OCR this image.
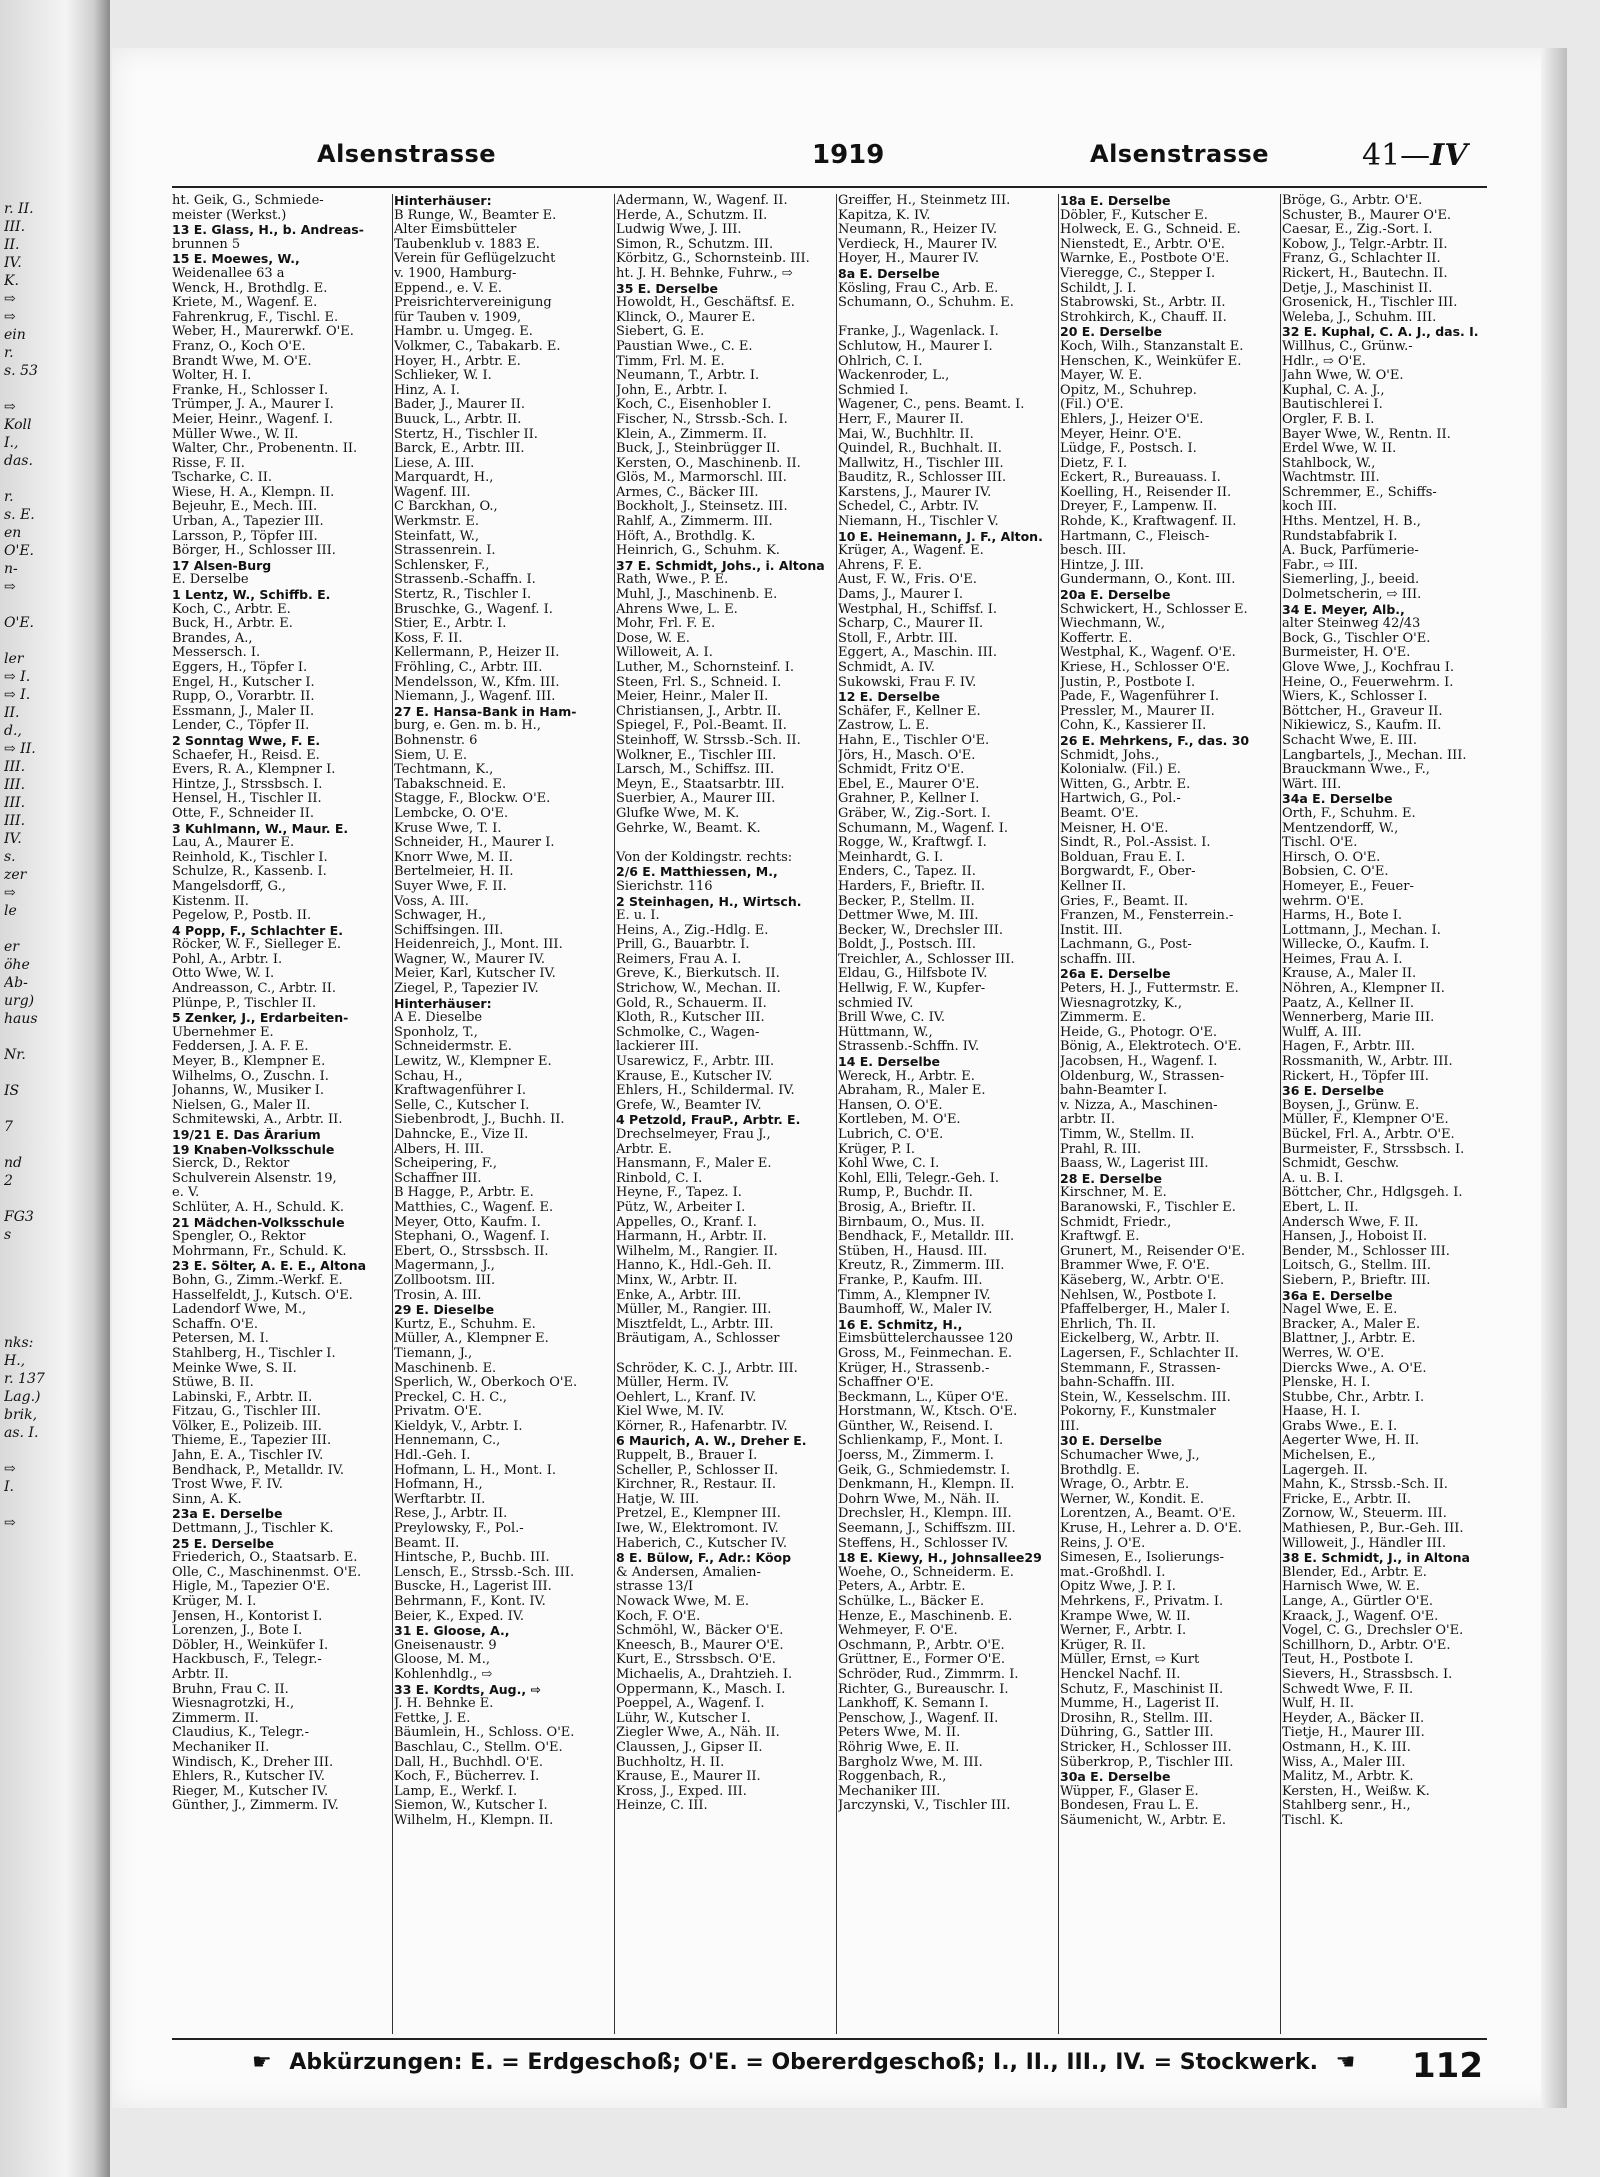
r. II.
III.
II.
IV.
K.
⇨
⇨
ein
r.
s. 53
⇨
Koll
I.,
das.
r.
s. E.
en
O'E.
n-
⇨
O'E.
ler
⇨ I.
⇨ I.
II.
d.,
⇨ II.
III.
III.
III.
III.
IV.
s.
zer
⇨
le
er
öhe
Ab-
urg)
haus
Nr.
IS
7
nd
2
FG3
s
nks:
H.,
r. 137
Lag.)
brik,
as. I.
⇨
I.
⇨
Alsenstrasse	1919	Alsenstrasse	41—IV
ht. Geik, G., Schmiede-
meister (Werkst.)
13 E. Glass, H., b. Andreas-
brunnen 5
15 E. Moewes, W.,
Weidenallee 63 a
Wenck, H., Brothdlg. E.
Kriete, M., Wagenf. E.
Fahrenkrug, F., Tischl. E.
Weber, H., Maurerwkf. O'E.
Franz, O., Koch O'E.
Brandt Wwe, M. O'E.
Wolter, H. I.
Franke, H., Schlosser I.
Trümper, J. A., Maurer I.
Meier, Heinr., Wagenf. I.
Müller Wwe., W. II.
Walter, Chr., Probenentn. II.
Risse, F. II.
Tscharke, C. II.
Wiese, H. A., Klempn. II.
Bejeuhr, E., Mech. III.
Urban, A., Tapezier III.
Larsson, P., Töpfer III.
Börger, H., Schlosser III.
17 Alsen-Burg
E. Derselbe
1 Lentz, W., Schiffb. E.
Koch, C., Arbtr. E.
Buck, H., Arbtr. E.
Brandes, A.,
Messersch. I.
Eggers, H., Töpfer I.
Engel, H., Kutscher I.
Rupp, O., Vorarbtr. II.
Essmann, J., Maler II.
Lender, C., Töpfer II.
2 Sonntag Wwe, F. E.
Schaefer, H., Reisd. E.
Evers, R. A., Klempner I.
Hintze, J., Strssbsch. I.
Hensel, H., Tischler II.
Otte, F., Schneider II.
3 Kuhlmann, W., Maur. E.
Lau, A., Maurer E.
Reinhold, K., Tischler I.
Schulze, R., Kassenb. I.
Mangelsdorff, G.,
Kistenm. II.
Pegelow, P., Postb. II.
4 Popp, F., Schlachter E.
Röcker, W. F., Sielleger E.
Pohl, A., Arbtr. I.
Otto Wwe, W. I.
Andreasson, C., Arbtr. II.
Plünpe, P., Tischler II.
5 Zenker, J., Erdarbeiten-
Übernehmer E.
Feddersen, J. A. F. E.
Meyer, B., Klempner E.
Wilhelms, O., Zuschn. I.
Johanns, W., Musiker I.
Nielsen, G., Maler II.
Schmitewski, A., Arbtr. II.
19/21 E. Das Ärarium
19 Knaben-Volksschule
Sierck, D., Rektor
Schulverein Alsenstr. 19,
e. V.
Schlüter, A. H., Schuld. K.
21 Mädchen-Volksschule
Spengler, O., Rektor
Mohrmann, Fr., Schuld. K.
23 E. Sölter, A. E. E., Altona
Bohn, G., Zimm.-Werkf. E.
Hasselfeldt, J., Kutsch. O'E.
Ladendorf Wwe, M.,
Schaffn. O'E.
Petersen, M. I.
Stahlberg, H., Tischler I.
Meinke Wwe, S. II.
Stüwe, B. II.
Labinski, F., Arbtr. II.
Fitzau, G., Tischler III.
Völker, E., Polizeib. III.
Thieme, E., Tapezier III.
Jahn, E. A., Tischler IV.
Bendhack, P., Metalldr. IV.
Trost Wwe, F. IV.
Sinn, A. K.
23a E. Derselbe
Dettmann, J., Tischler K.
25 E. Derselbe
Friederich, O., Staatsarb. E.
Olle, C., Maschinenmst. O'E.
Higle, M., Tapezier O'E.
Krüger, M. I.
Jensen, H., Kontorist I.
Lorenzen, J., Bote I.
Döbler, H., Weinküfer I.
Hackbusch, F., Telegr.-
Arbtr. II.
Bruhn, Frau C. II.
Wiesnagrotzki, H.,
Zimmerm. II.
Claudius, K., Telegr.-
Mechaniker II.
Windisch, K., Dreher III.
Ehlers, R., Kutscher IV.
Rieger, M., Kutscher IV.
Günther, J., Zimmerm. IV.
Hinterhäuser:
B Runge, W., Beamter E.
Alter Eimsbütteler
Taubenklub v. 1883 E.
Verein für Geflügelzucht
v. 1900, Hamburg-
Eppend., e. V. E.
Preisrichtervereinigung
für Tauben v. 1909,
Hambr. u. Umgeg. E.
Volkmer, C., Tabakarb. E.
Hoyer, H., Arbtr. E.
Schlieker, W. I.
Hinz, A. I.
Bader, J., Maurer II.
Buuck, L., Arbtr. II.
Stertz, H., Tischler II.
Barck, E., Arbtr. III.
Liese, A. III.
Marquardt, H.,
Wagenf. III.
C Barckhan, O.,
Werkmstr. E.
Steinfatt, W.,
Strassenrein. I.
Schlensker, F.,
Strassenb.-Schaffn. I.
Stertz, R., Tischler I.
Bruschke, G., Wagenf. I.
Stier, E., Arbtr. I.
Koss, F. II.
Kellermann, P., Heizer II.
Fröhling, C., Arbtr. III.
Mendelsson, W., Kfm. III.
Niemann, J., Wagenf. III.
27 E. Hansa-Bank in Ham-
burg, e. Gen. m. b. H.,
Bohnenstr. 6
Siem, U. E.
Techtmann, K.,
Tabakschneid. E.
Stagge, F., Blockw. O'E.
Lembcke, O. O'E.
Kruse Wwe, T. I.
Schneider, H., Maurer I.
Knorr Wwe, M. II.
Bertelmeier, H. II.
Suyer Wwe, F. II.
Voss, A. III.
Schwager, H.,
Schiffsingen. III.
Heidenreich, J., Mont. III.
Wagner, W., Maurer IV.
Meier, Karl, Kutscher IV.
Ziegel, P., Tapezier IV.
Hinterhäuser:
A E. Dieselbe
Sponholz, T.,
Schneidermstr. E.
Lewitz, W., Klempner E.
Schau, H.,
Kraftwagenführer I.
Selle, C., Kutscher I.
Siebenbrodt, J., Buchh. II.
Dahncke, E., Vize II.
Albers, H. III.
Scheipering, F.,
Schaffner III.
B Hagge, P., Arbtr. E.
Matthies, C., Wagenf. E.
Meyer, Otto, Kaufm. I.
Stephani, O., Wagenf. I.
Ebert, O., Strssbsch. II.
Magermann, J.,
Zollbootsm. III.
Trosin, A. III.
29 E. Dieselbe
Kurtz, E., Schuhm. E.
Müller, A., Klempner E.
Tiemann, J.,
Maschinenb. E.
Sperlich, W., Oberkoch O'E.
Preckel, C. H. C.,
Privatm. O'E.
Kieldyk, V., Arbtr. I.
Hennemann, C.,
Hdl.-Geh. I.
Hofmann, L. H., Mont. I.
Hofmann, H.,
Werftarbtr. II.
Rese, J., Arbtr. II.
Preylowsky, F., Pol.-
Beamt. II.
Hintsche, P., Buchb. III.
Lensch, E., Strssb.-Sch. III.
Buscke, H., Lagerist III.
Behrmann, F., Kont. IV.
Beier, K., Exped. IV.
31 E. Gloose, A.,
Gneisenaustr. 9
Gloose, M. M.,
Kohlenhdlg., ⇨
33 E. Kordts, Aug., ⇨
J. H. Behnke E.
Fettke, J. E.
Bäumlein, H., Schloss. O'E.
Baschlau, C., Stellm. O'E.
Dall, H., Buchhdl. O'E.
Koch, F., Bücherrev. I.
Lamp, E., Werkf. I.
Siemon, W., Kutscher I.
Wilhelm, H., Klempn. II.
Adermann, W., Wagenf. II.
Herde, A., Schutzm. II.
Ludwig Wwe, J. III.
Simon, R., Schutzm. III.
Körbitz, G., Schornsteinb. III.
ht. J. H. Behnke, Fuhrw., ⇨
35 E. Derselbe
Howoldt, H., Geschäftsf. E.
Klinck, O., Maurer E.
Siebert, G. E.
Paustian Wwe., C. E.
Timm, Frl. M. E.
Neumann, T., Arbtr. I.
John, E., Arbtr. I.
Koch, C., Eisenhobler I.
Fischer, N., Strssb.-Sch. I.
Klein, A., Zimmerm. II.
Buck, J., Steinbrügger II.
Kersten, O., Maschinenb. II.
Glös, M., Marmorschl. III.
Armes, C., Bäcker III.
Bockholt, J., Steinsetz. III.
Rahlf, A., Zimmerm. III.
Höft, A., Brothdlg. K.
Heinrich, G., Schuhm. K.
37 E. Schmidt, Johs., i. Altona
Rath, Wwe., P. E.
Muhl, J., Maschinenb. E.
Ahrens Wwe, L. E.
Mohr, Frl. F. E.
Dose, W. E.
Willoweit, A. I.
Luther, M., Schornsteinf. I.
Steen, Frl. S., Schneid. I.
Meier, Heinr., Maler II.
Christiansen, J., Arbtr. II.
Spiegel, F., Pol.-Beamt. II.
Steinhoff, W. Strssb.-Sch. II.
Wolkner, E., Tischler III.
Larsch, M., Schiffsz. III.
Meyn, E., Staatsarbtr. III.
Suerbier, A., Maurer III.
Glufke Wwe, M. K.
Gehrke, W., Beamt. K.
Von der Koldingstr. rechts:
2/6 E. Matthiessen, M.,
Sierichstr. 116
2 Steinhagen, H., Wirtsch.
E. u. I.
Heins, A., Zig.-Hdlg. E.
Prill, G., Bauarbtr. I.
Reimers, Frau A. I.
Greve, K., Bierkutsch. II.
Strichow, W., Mechan. II.
Gold, R., Schauerm. II.
Kloth, R., Kutscher III.
Schmolke, C., Wagen-
lackierer III.
Usarewicz, F., Arbtr. III.
Krause, E., Kutscher IV.
Ehlers, H., Schildermal. IV.
Grefe, W., Beamter IV.
4 Petzold, FrauP., Arbtr. E.
Drechselmeyer, Frau J.,
Arbtr. E.
Hansmann, F., Maler E.
Rinbold, C. I.
Heyne, F., Tapez. I.
Pütz, W., Arbeiter I.
Appelles, O., Kranf. I.
Harmann, H., Arbtr. II.
Wilhelm, M., Rangier. II.
Hanno, K., Hdl.-Geh. II.
Minx, W., Arbtr. II.
Enke, A., Arbtr. III.
Müller, M., Rangier. III.
Misztfeldt, L., Arbtr. III.
Bräutigam, A., Schlosser
Schröder, K. C. J., Arbtr. III.
Müller, Herm. IV.
Oehlert, L., Kranf. IV.
Kiel Wwe, M. IV.
Körner, R., Hafenarbtr. IV.
6 Maurich, A. W., Dreher E.
Ruppelt, B., Brauer I.
Scheller, P., Schlosser II.
Kirchner, R., Restaur. II.
Hatje, W. III.
Pretzel, E., Klempner III.
Iwe, W., Elektromont. IV.
Haberich, C., Kutscher IV.
8 E. Bülow, F., Adr.: Köop
& Andersen, Amalien-
strasse 13/I
Nowack Wwe, M. E.
Koch, F. O'E.
Schmöhl, W., Bäcker O'E.
Kneesch, B., Maurer O'E.
Kurt, E., Strssbsch. O'E.
Michaelis, A., Drahtzieh. I.
Oppermann, K., Masch. I.
Poeppel, A., Wagenf. I.
Lühr, W., Kutscher I.
Ziegler Wwe, A., Näh. II.
Claussen, J., Gipser II.
Buchholtz, H. II.
Krause, E., Maurer II.
Kross, J., Exped. III.
Heinze, C. III.
Greiffer, H., Steinmetz III.
Kapitza, K. IV.
Neumann, R., Heizer IV.
Verdieck, H., Maurer IV.
Hoyer, H., Maurer IV.
8a E. Derselbe
Kösling, Frau C., Arb. E.
Schumann, O., Schuhm. E.
Franke, J., Wagenlack. I.
Schlutow, H., Maurer I.
Ohlrich, C. I.
Wackenroder, L.,
Schmied I.
Wagener, C., pens. Beamt. I.
Herr, F., Maurer II.
Mai, W., Buchhltr. II.
Quindel, R., Buchhalt. II.
Mallwitz, H., Tischler III.
Bauditz, R., Schlosser III.
Karstens, J., Maurer IV.
Schedel, C., Arbtr. IV.
Niemann, H., Tischler V.
10 E. Heinemann, J. F., Alton.
Krüger, A., Wagenf. E.
Ahrens, F. E.
Aust, F. W., Fris. O'E.
Dams, J., Maurer I.
Westphal, H., Schiffsf. I.
Scharp, C., Maurer II.
Stoll, F., Arbtr. III.
Eggert, A., Maschin. III.
Schmidt, A. IV.
Sukowski, Frau F. IV.
12 E. Derselbe
Schäfer, F., Kellner E.
Zastrow, L. E.
Hahn, E., Tischler O'E.
Jörs, H., Masch. O'E.
Schmidt, Fritz O'E.
Ebel, E., Maurer O'E.
Grahner, P., Kellner I.
Gräber, W., Zig.-Sort. I.
Schumann, M., Wagenf. I.
Rogge, W., Kraftwgf. I.
Meinhardt, G. I.
Enders, C., Tapez. II.
Harders, F., Brieftr. II.
Becker, P., Stellm. II.
Dettmer Wwe, M. III.
Becker, W., Drechsler III.
Boldt, J., Postsch. III.
Treichler, A., Schlosser III.
Eldau, G., Hilfsbote IV.
Hellwig, F. W., Kupfer-
schmied IV.
Brill Wwe, C. IV.
Hüttmann, W.,
Strassenb.-Schffn. IV.
14 E. Derselbe
Wereck, H., Arbtr. E.
Abraham, R., Maler E.
Hansen, O. O'E.
Kortleben, M. O'E.
Lubrich, C. O'E.
Krüger, P. I.
Kohl Wwe, C. I.
Kohl, Elli, Telegr.-Geh. I.
Rump, P., Buchdr. II.
Brosig, A., Brieftr. II.
Birnbaum, O., Mus. II.
Bendhack, F., Metalldr. III.
Stüben, H., Hausd. III.
Kreutz, R., Zimmerm. III.
Franke, P., Kaufm. III.
Timm, A., Klempner IV.
Baumhoff, W., Maler IV.
16 E. Schmitz, H.,
Eimsbüttelerchaussee 120
Gross, M., Feinmechan. E.
Krüger, H., Strassenb.-
Schaffner O'E.
Beckmann, L., Küper O'E.
Horstmann, W., Ktsch. O'E.
Günther, W., Reisend. I.
Schlienkamp, F., Mont. I.
Joerss, M., Zimmerm. I.
Geik, G., Schmiedemstr. I.
Denkmann, H., Klempn. II.
Dohrn Wwe, M., Näh. II.
Drechsler, H., Klempn. III.
Seemann, J., Schiffszm. III.
Steffens, H., Schlosser IV.
18 E. Kiewy, H., Johnsallee29
Woehe, O., Schneiderm. E.
Peters, A., Arbtr. E.
Schülke, L., Bäcker E.
Henze, E., Maschinenb. E.
Wehmeyer, F. O'E.
Oschmann, P., Arbtr. O'E.
Grüttner, E., Former O'E.
Schröder, Rud., Zimmrm. I.
Richter, G., Bureauschr. I.
Lankhoff, K. Semann I.
Penschow, J., Wagenf. II.
Peters Wwe, M. II.
Röhrig Wwe, E. II.
Bargholz Wwe, M. III.
Roggenbach, R.,
Mechaniker III.
Jarczynski, V., Tischler III.
18a E. Derselbe
Döbler, F., Kutscher E.
Holweck, E. G., Schneid. E.
Nienstedt, E., Arbtr. O'E.
Warnke, E., Postbote O'E.
Vieregge, C., Stepper I.
Schildt, J. I.
Stabrowski, St., Arbtr. II.
Strohkirch, K., Chauff. II.
20 E. Derselbe
Koch, Wilh., Stanzanstalt E.
Henschen, K., Weinküfer E.
Mayer, W. E.
Opitz, M., Schuhrep.
(Fil.) O'E.
Ehlers, J., Heizer O'E.
Meyer, Heinr. O'E.
Lüdge, F., Postsch. I.
Dietz, F. I.
Eckert, R., Bureauass. I.
Koelling, H., Reisender II.
Dreyer, F., Lampenw. II.
Rohde, K., Kraftwagenf. II.
Hartmann, C., Fleisch-
besch. III.
Hintze, J. III.
Gundermann, O., Kont. III.
20a E. Derselbe
Schwickert, H., Schlosser E.
Wiechmann, W.,
Koffertr. E.
Westphal, K., Wagenf. O'E.
Kriese, H., Schlosser O'E.
Justin, P., Postbote I.
Pade, F., Wagenführer I.
Pressler, M., Maurer II.
Cohn, K., Kassierer II.
26 E. Mehrkens, F., das. 30
Schmidt, Johs.,
Kolonialw. (Fil.) E.
Witten, G., Arbtr. E.
Hartwich, G., Pol.-
Beamt. O'E.
Meisner, H. O'E.
Sindt, R., Pol.-Assist. I.
Bolduan, Frau E. I.
Borgwardt, F., Ober-
Kellner II.
Gries, F., Beamt. II.
Franzen, M., Fensterrein.-
Instit. III.
Lachmann, G., Post-
schaffn. III.
26a E. Derselbe
Peters, H. J., Futtermstr. E.
Wiesnagrotzky, K.,
Zimmerm. E.
Heide, G., Photogr. O'E.
Bönig, A., Elektrotech. O'E.
Jacobsen, H., Wagenf. I.
Oldenburg, W., Strassen-
bahn-Beamter I.
v. Nizza, A., Maschinen-
arbtr. II.
Timm, W., Stellm. II.
Prahl, R. III.
Baass, W., Lagerist III.
28 E. Derselbe
Kirschner, M. E.
Baranowski, F., Tischler E.
Schmidt, Friedr.,
Kraftwgf. E.
Grunert, M., Reisender O'E.
Brammer Wwe, F. O'E.
Käseberg, W., Arbtr. O'E.
Nehlsen, W., Postbote I.
Pfaffelberger, H., Maler I.
Ehrlich, Th. II.
Eickelberg, W., Arbtr. II.
Lagersen, F., Schlachter II.
Stemmann, F., Strassen-
bahn-Schaffn. III.
Stein, W., Kesselschm. III.
Pokorny, F., Kunstmaler
III.
30 E. Derselbe
Schumacher Wwe, J.,
Brothdlg. E.
Wrage, O., Arbtr. E.
Werner, W., Kondit. E.
Lorentzen, A., Beamt. O'E.
Kruse, H., Lehrer a. D. O'E.
Reins, J. O'E.
Simesen, E., Isolierungs-
mat.-Großhdl. I.
Opitz Wwe, J. P. I.
Mehrkens, F., Privatm. I.
Krampe Wwe, W. II.
Werner, F., Arbtr. I.
Krüger, R. II.
Müller, Ernst, ⇨ Kurt
Henckel Nachf. II.
Schutz, F., Maschinist II.
Mumme, H., Lagerist II.
Drosihn, R., Stellm. III.
Dühring, G., Sattler III.
Stricker, H., Schlosser III.
Süberkrop, P., Tischler III.
30a E. Derselbe
Wüpper, F., Glaser E.
Bondesen, Frau L. E.
Säumenicht, W., Arbtr. E.
Bröge, G., Arbtr. O'E.
Schuster, B., Maurer O'E.
Caesar, E., Zig.-Sort. I.
Kobow, J., Telgr.-Arbtr. II.
Franz, G., Schlachter II.
Rickert, H., Bautechn. II.
Detje, J., Maschinist II.
Grosenick, H., Tischler III.
Weleba, J., Schuhm. III.
32 E. Kuphal, C. A. J., das. I.
Willhus, C., Grünw.-
Hdlr., ⇨ O'E.
Jahn Wwe, W. O'E.
Kuphal, C. A. J.,
Bautischlerei I.
Orgler, F. B. I.
Bayer Wwe, W., Rentn. II.
Erdel Wwe, W. II.
Stahlbock, W.,
Wachtmstr. III.
Schremmer, E., Schiffs-
koch III.
Hths. Mentzel, H. B.,
Rundstabfabrik I.
A. Buck, Parfümerie-
Fabr., ⇨ III.
Siemerling, J., beeid.
Dolmetscherin, ⇨ III.
34 E. Meyer, Alb.,
alter Steinweg 42/43
Bock, G., Tischler O'E.
Burmeister, H. O'E.
Glove Wwe, J., Kochfrau I.
Heine, O., Feuerwehrm. I.
Wiers, K., Schlosser I.
Böttcher, H., Graveur II.
Nikiewicz, S., Kaufm. II.
Schacht Wwe, E. III.
Langbartels, J., Mechan. III.
Brauckmann Wwe., F.,
Wärt. III.
34a E. Derselbe
Orth, F., Schuhm. E.
Mentzendorff, W.,
Tischl. O'E.
Hirsch, O. O'E.
Bobsien, C. O'E.
Homeyer, E., Feuer-
wehrm. O'E.
Harms, H., Bote I.
Lottmann, J., Mechan. I.
Willecke, O., Kaufm. I.
Heimes, Frau A. I.
Krause, A., Maler II.
Nöhren, A., Klempner II.
Paatz, A., Kellner II.
Wennerberg, Marie III.
Wulff, A. III.
Hagen, F., Arbtr. III.
Rossmanith, W., Arbtr. III.
Rickert, H., Töpfer III.
36 E. Derselbe
Boysen, J., Grünw. E.
Müller, F., Klempner O'E.
Bückel, Frl. A., Arbtr. O'E.
Burmeister, F., Strssbsch. I.
Schmidt, Geschw.
A. u. B. I.
Böttcher, Chr., Hdlgsgeh. I.
Ebert, L. II.
Andersch Wwe, F. II.
Hansen, J., Hoboist II.
Bender, M., Schlosser III.
Loitsch, G., Stellm. III.
Siebern, P., Brieftr. III.
36a E. Derselbe
Nagel Wwe, E. E.
Bracker, A., Maler E.
Blattner, J., Arbtr. E.
Werres, W. O'E.
Diercks Wwe., A. O'E.
Plenske, H. I.
Stubbe, Chr., Arbtr. I.
Haase, H. I.
Grabs Wwe., E. I.
Aegerter Wwe, H. II.
Michelsen, E.,
Lagergeh. II.
Mahn, K., Strssb.-Sch. II.
Fricke, E., Arbtr. II.
Zornow, W., Steuerm. III.
Mathiesen, P., Bur.-Geh. III.
Willoweit, J., Händler III.
38 E. Schmidt, J., in Altona
Blender, Ed., Arbtr. E.
Harnisch Wwe, W. E.
Lange, A., Gürtler O'E.
Kraack, J., Wagenf. O'E.
Vogel, C. G., Drechsler O'E.
Schillhorn, D., Arbtr. O'E.
Teut, H., Postbote I.
Sievers, H., Strassbsch. I.
Schwedt Wwe, F. II.
Wulf, H. II.
Heyder, A., Bäcker II.
Tietje, H., Maurer III.
Ostmann, H., K. III.
Wiss, A., Maler III.
Malitz, M., Arbtr. K.
Kersten, H., Weißw. K.
Stahlberg senr., H.,
Tischl. K.
☛ Abkürzungen: E. = Erdgeschoß; O'E. = Obererdgeschoß; I., II., III., IV. = Stockwerk. ☚	112
